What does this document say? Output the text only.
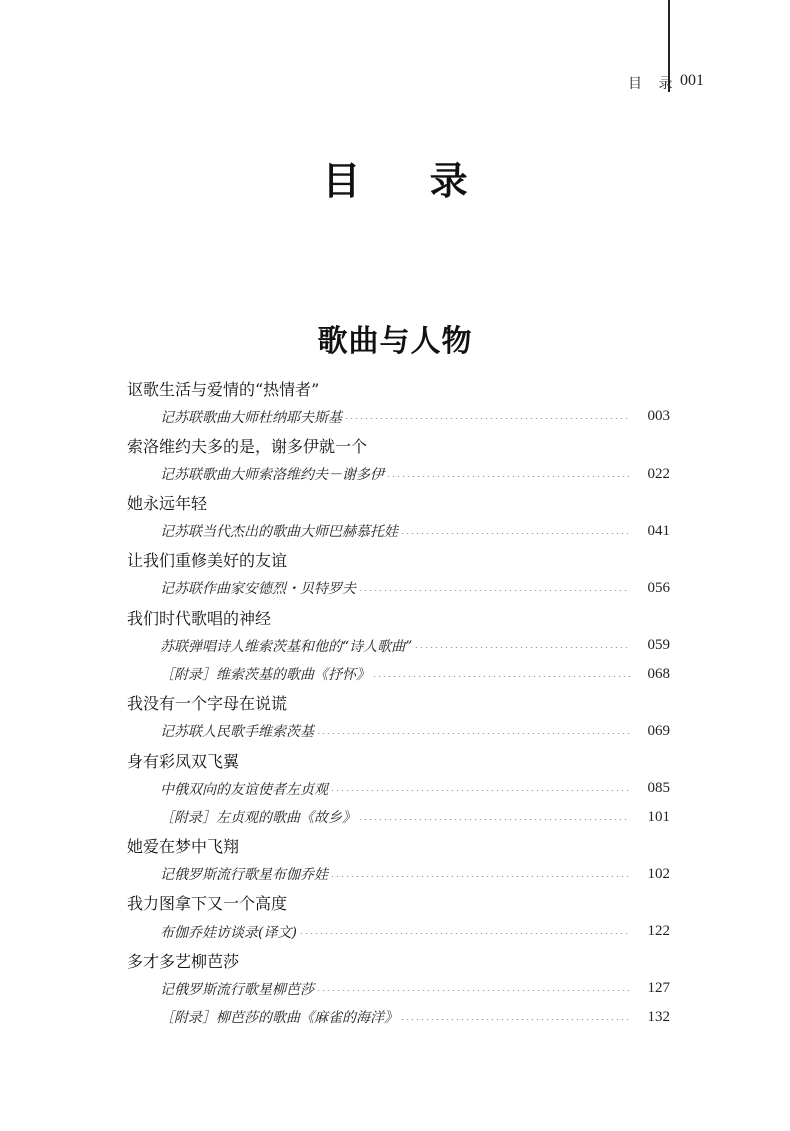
目 录 001
目 录
歌曲与人物
讴歌生活与爱情的“热情者”
记苏联歌曲大师杜纳耶夫斯基	003
索洛维约夫多的是，谢多伊就一个
记苏联歌曲大师索洛维约夫－谢多伊	022
她永远年轻
记苏联当代杰出的歌曲大师巴赫慕托娃	041
让我们重修美好的友谊
记苏联作曲家安德烈・贝特罗夫	056
我们时代歌唱的神经
苏联弹唱诗人维索茨基和他的“诗人歌曲”	059
［附录］维索茨基的歌曲《抒怀》	068
我没有一个字母在说谎
记苏联人民歌手维索茨基	069
身有彩凤双飞翼
中俄双向的友谊使者左贞观	085
［附录］左贞观的歌曲《故乡》	101
她爱在梦中飞翔
记俄罗斯流行歌星布伽乔娃	102
我力图拿下又一个高度
布伽乔娃访谈录(译文)	122
多才多艺柳芭莎
记俄罗斯流行歌星柳芭莎	127
［附录］柳芭莎的歌曲《麻雀的海洋》	132
